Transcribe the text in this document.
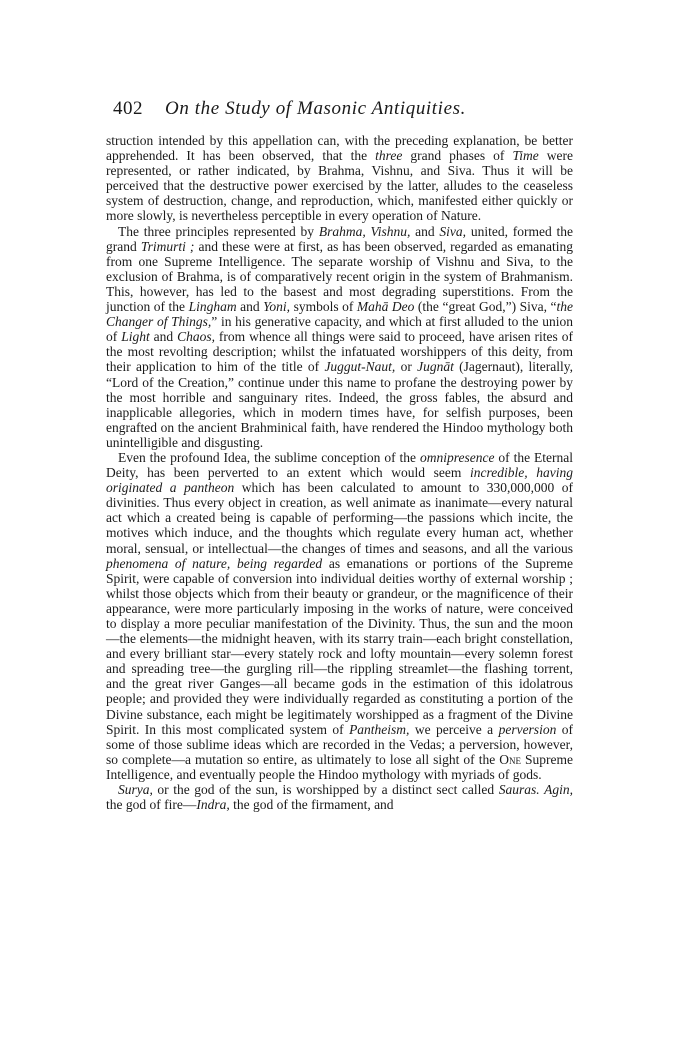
402 On the Study of Masonic Antiquities.

struction intended by this appellation can, with the preceding explanation, be better apprehended. It has been observed, that the three grand phases of Time were represented, or rather indicated, by Brahma, Vishnu, and Siva. Thus it will be perceived that the destructive power exercised by the latter, alludes to the ceaseless system of destruction, change, and reproduction, which, manifested either quickly or more slowly, is nevertheless perceptible in every operation of Nature.

The three principles represented by Brahma, Vishnu, and Siva, united, formed the grand Trimurti ; and these were at first, as has been observed, regarded as emanating from one Supreme Intelligence. The separate worship of Vishnu and Siva, to the exclusion of Brahma, is of comparatively recent origin in the system of Brahmanism. This, however, has led to the basest and most degrading superstitions. From the junction of the Lingham and Yoni, symbols of Mahā Deo (the “great God,”) Siva, “the Changer of Things,” in his generative capacity, and which at first alluded to the union of Light and Chaos, from whence all things were said to proceed, have arisen rites of the most revolting description; whilst the infatuated worshippers of this deity, from their application to him of the title of Juggut-Naut, or Jugnāt (Jagernaut), literally, “Lord of the Creation,” continue under this name to profane the destroying power by the most horrible and sanguinary rites. Indeed, the gross fables, the absurd and inapplicable allegories, which in modern times have, for selfish purposes, been engrafted on the ancient Brahminical faith, have rendered the Hindoo mythology both unintelligible and disgusting.

Even the profound Idea, the sublime conception of the omnipresence of the Eternal Deity, has been perverted to an extent which would seem incredible, having originated a pantheon which has been calculated to amount to 330,000,000 of divinities. Thus every object in creation, as well animate as inanimate—every natural act which a created being is capable of performing—the passions which incite, the motives which induce, and the thoughts which regulate every human act, whether moral, sensual, or intellectual—the changes of times and seasons, and all the various phenomena of nature, being regarded as emanations or portions of the Supreme Spirit, were capable of conversion into individual deities worthy of external worship ; whilst those objects which from their beauty or grandeur, or the magnificence of their appearance, were more particularly imposing in the works of nature, were conceived to display a more peculiar manifestation of the Divinity. Thus, the sun and the moon—the elements—the midnight heaven, with its starry train—each bright constellation, and every brilliant star—every stately rock and lofty mountain—every solemn forest and spreading tree—the gurgling rill—the rippling streamlet—the flashing torrent, and the great river Ganges—all became gods in the estimation of this idolatrous people; and provided they were individually regarded as constituting a portion of the Divine substance, each might be legitimately worshipped as a fragment of the Divine Spirit. In this most complicated system of Pantheism, we perceive a perversion of some of those sublime ideas which are recorded in the Vedas; a perversion, however, so complete—a mutation so entire, as ultimately to lose all sight of the One Supreme Intelligence, and eventually people the Hindoo mythology with myriads of gods.

Surya, or the god of the sun, is worshipped by a distinct sect called Sauras. Agin, the god of fire—Indra, the god of the firmament, and
